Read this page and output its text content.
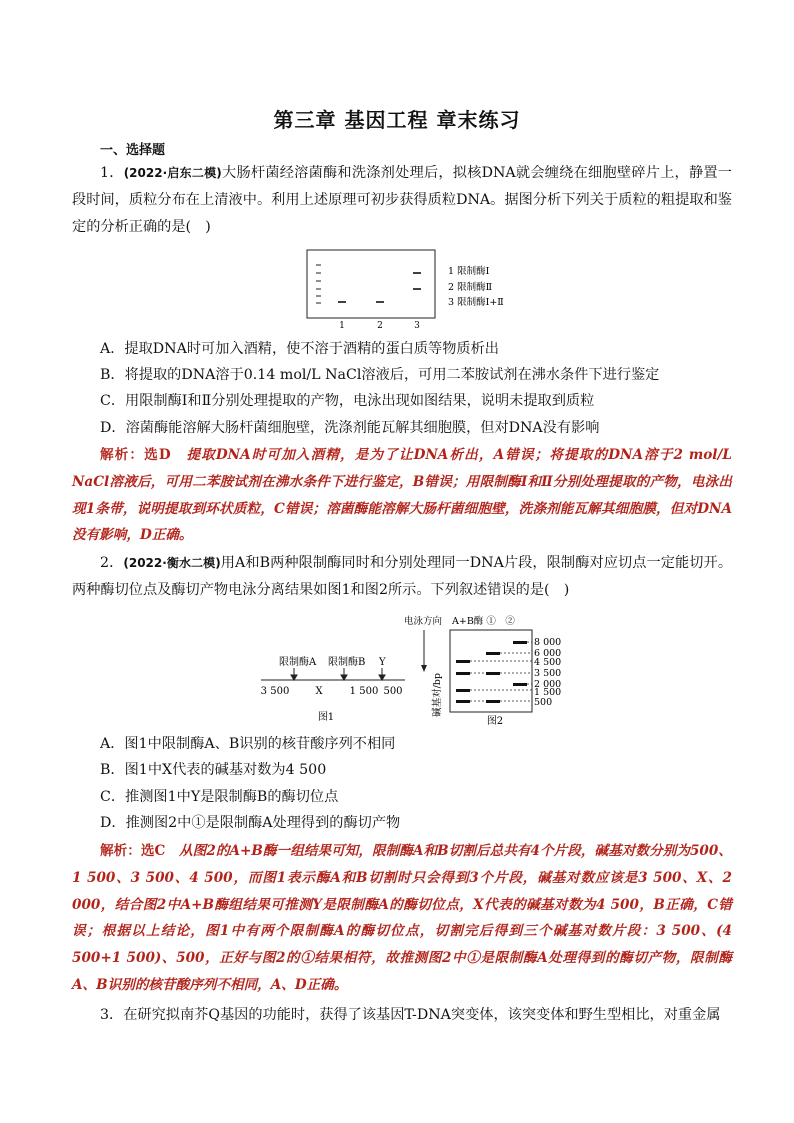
第三章 基因工程 章末练习
一、选择题
1．(2022·启东二模)大肠杆菌经溶菌酶和洗涤剂处理后，拟核DNA就会缠绕在细胞壁碎片上，静置一段时间，质粒分布在上清液中。利用上述原理可初步获得质粒DNA。据图分析下列关于质粒的粗提取和鉴定的分析正确的是(　)
1	2	3
1 限制酶Ⅰ
2 限制酶Ⅱ
3 限制酶Ⅰ+Ⅱ
A．提取DNA时可加入酒精，使不溶于酒精的蛋白质等物质析出
B．将提取的DNA溶于0.14 mol/L NaCl溶液后，可用二苯胺试剂在沸水条件下进行鉴定
C．用限制酶Ⅰ和Ⅱ分别处理提取的产物，电泳出现如图结果，说明未提取到质粒
D．溶菌酶能溶解大肠杆菌细胞壁，洗涤剂能瓦解其细胞膜，但对DNA没有影响
解析：选D　提取DNA时可加入酒精，是为了让DNA析出，A错误；将提取的DNA溶于2 mol/L NaCl溶液后，可用二苯胺试剂在沸水条件下进行鉴定，B错误；用限制酶Ⅰ和Ⅱ分别处理提取的产物，电泳出现1条带，说明提取到环状质粒，C错误；溶菌酶能溶解大肠杆菌细胞壁，洗涤剂能瓦解其细胞膜，但对DNA没有影响，D正确。
2．(2022·衡水二模)用A和B两种限制酶同时和分别处理同一DNA片段，限制酶对应切点一定能切开。两种酶切位点及酶切产物电泳分离结果如图1和图2所示。下列叙述错误的是(　)
限制酶A 限制酶B Y
3 500	X	1 500 500
图1
电泳方向 A+B酶 ①　②
碱基对/bp
8 000
6 000
4 500
3 500
2 000
1 500
500
图2
A．图1中限制酶A、B识别的核苷酸序列不相同
B．图1中X代表的碱基对数为4 500
C．推测图1中Y是限制酶B的酶切位点
D．推测图2中①是限制酶A处理得到的酶切产物
解析：选C　从图2的A+B酶一组结果可知，限制酶A和B切割后总共有4个片段，碱基对数分别为500、1 500、3 500、4 500，而图1表示酶A和B切割时只会得到3个片段，碱基对数应该是3 500、X、2 000，结合图2中A+B酶组结果可推测Y是限制酶A的酶切位点，X代表的碱基对数为4 500，B正确，C错误；根据以上结论，图1中有两个限制酶A的酶切位点，切割完后得到三个碱基对数片段：3 500、(4 500+1 500)、500，正好与图2的①结果相符，故推测图2中①是限制酶A处理得到的酶切产物，限制酶A、B识别的核苷酸序列不相同，A、D正确。
3．在研究拟南芥Q基因的功能时，获得了该基因T-DNA突变体，该突变体和野生型相比，对重金属
